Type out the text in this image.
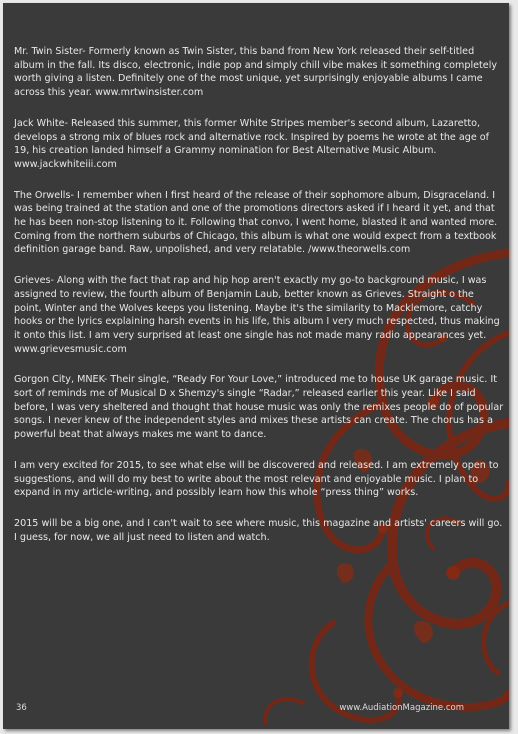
Mr. Twin Sister- Formerly known as Twin Sister, this band from New York released their self-titled album in the fall. Its disco, electronic, indie pop and simply chill vibe makes it something completely worth giving a listen. Definitely one of the most unique, yet surprisingly enjoyable albums I came across this year. www.mrtwinsister.com

Jack White- Released this summer, this former White Stripes member's second album, Lazaretto, develops a strong mix of blues rock and alternative rock. Inspired by poems he wrote at the age of 19, his creation landed himself a Grammy nomination for Best Alternative Music Album. www.jackwhiteiii.com

The Orwells- I remember when I first heard of the release of their sophomore album, Disgraceland. I was being trained at the station and one of the promotions directors asked if I heard it yet, and that he has been non-stop listening to it. Following that convo, I went home, blasted it and wanted more. Coming from the northern suburbs of Chicago, this album is what one would expect from a textbook definition garage band. Raw, unpolished, and very relatable. /www.theorwells.com

Grieves- Along with the fact that rap and hip hop aren't exactly my go-to background music, I was assigned to review, the fourth album of Benjamin Laub, better known as Grieves. Straight o the point, Winter and the Wolves keeps you listening. Maybe it's the similarity to Macklemore, catchy hooks or the lyrics explaining harsh events in his life, this album I very much respected, thus making it onto this list. I am very surprised at least one single has not made many radio appearances yet. www.grievesmusic.com

Gorgon City, MNEK- Their single, “Ready For Your Love,” introduced me to house UK garage music. It sort of reminds me of Musical D x Shemzy's single “Radar,” released earlier this year. Like I said before, I was very sheltered and thought that house music was only the remixes people do of popular songs. I never knew of the independent styles and mixes these artists can create. The chorus has a powerful beat that always makes me want to dance.

I am very excited for 2015, to see what else will be discovered and released. I am extremely open to suggestions, and will do my best to write about the most relevant and enjoyable music. I plan to expand in my article-writing, and possibly learn how this whole “press thing” works.

2015 will be a big one, and I can't wait to see where music, this magazine and artists' careers will go. I guess, for now, we all just need to listen and watch.

36	www.AudiationMagazine.com
